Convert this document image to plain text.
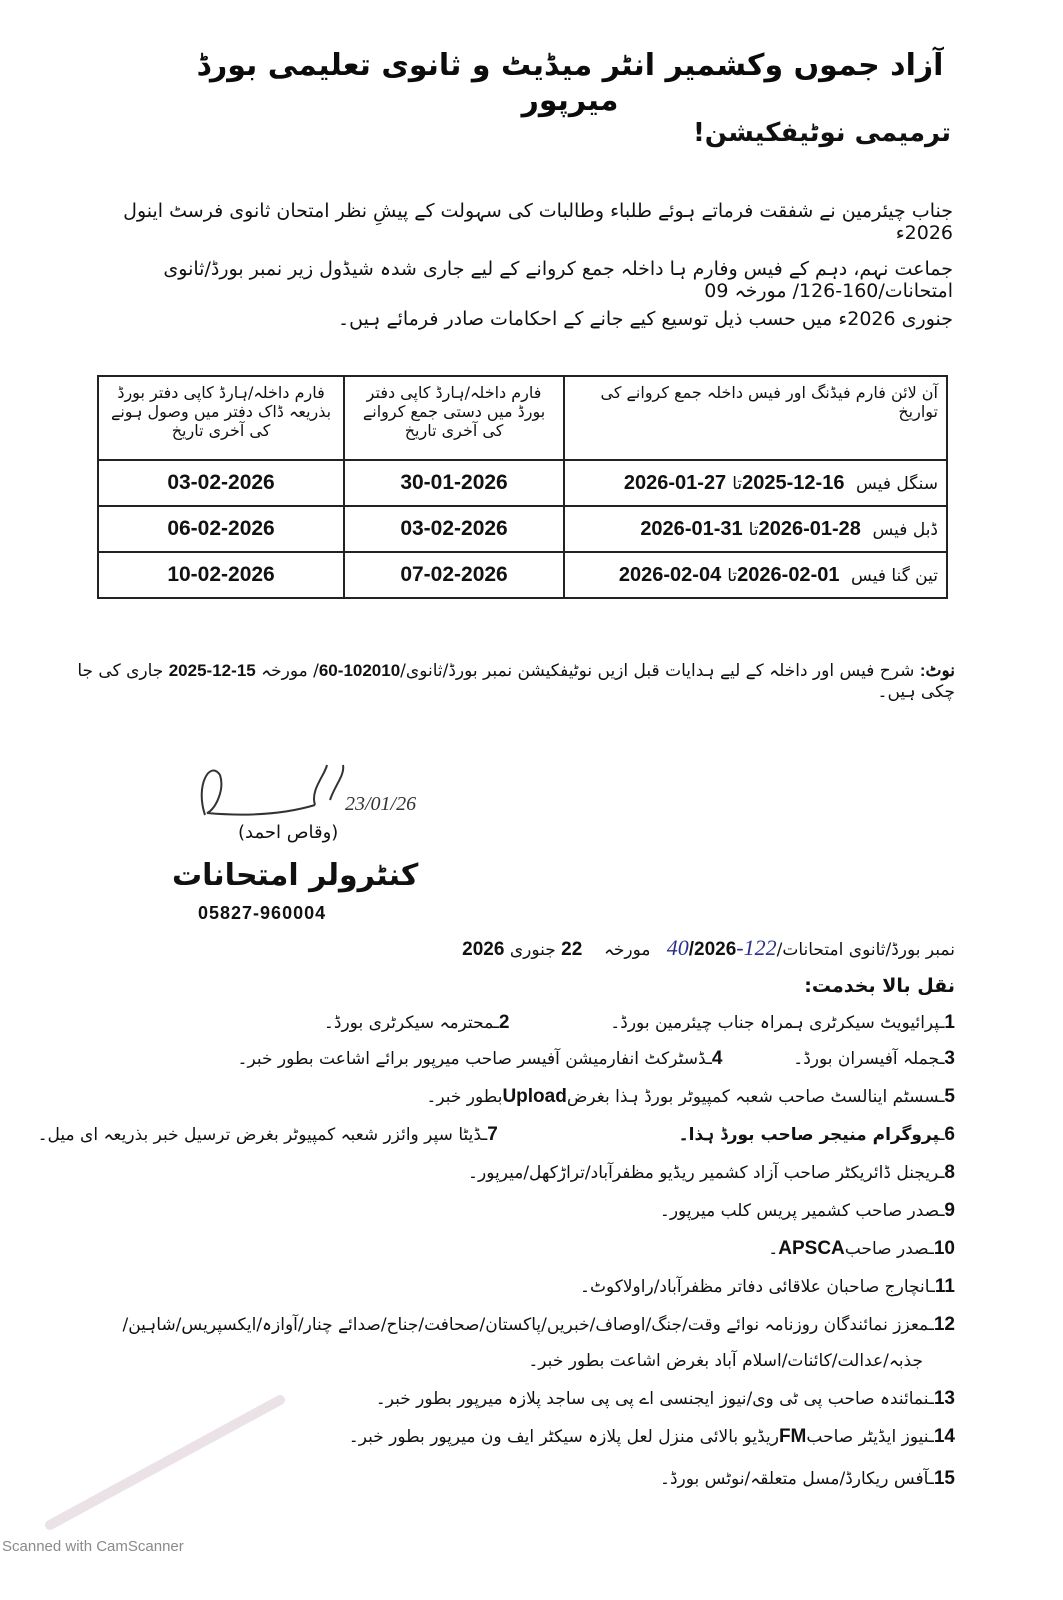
آزاد جموں وکشمیر انٹر میڈیٹ و ثانوی تعلیمی بورڈ میرپور
ترمیمی نوٹیفکیشن!
جناب چیئرمین نے شفقت فرماتے ہوئے طلباء وطالبات کی سہولت کے پیشِ نظر امتحان ثانوی فرسٹ اینول 2026ء
جماعت نہم، دہم کے فیس وفارم ہا داخلہ جمع کروانے کے لیے جاری شدہ شیڈول زیر نمبر بورڈ/ثانوی امتحانات/160-126/ مورخہ 09
جنوری 2026ء میں حسب ذیل توسیع کیے جانے کے احکامات صادر فرمائے ہیں۔
آن لائن فارم فیڈنگ اور فیس داخلہ جمع کروانے کی تواریخ	فارم داخلہ/ہارڈ کاپی دفتر بورڈ میں دستی جمع کروانے کی آخری تاریخ	فارم داخلہ/ہارڈ کاپی دفتر بورڈ بذریعہ ڈاک دفتر میں وصول ہونے کی آخری تاریخ
سنگل فیس 16-12-2025تا27-01-2026	30-01-2026	03-02-2026
ڈبل فیس 28-01-2026تا31-01-2026	03-02-2026	06-02-2026
تین گنا فیس 01-02-2026تا04-02-2026	07-02-2026	10-02-2026
نوٹ: شرح فیس اور داخلہ کے لیے ہدایات قبل ازیں نوٹیفکیشن نمبر بورڈ/ثانوی/102010-60/ مورخہ 15-12-2025 جاری کی جا چکی ہیں۔
23/01/26
(وقاص احمد)
کنٹرولر امتحانات
05827-960004
نمبر بورڈ/ثانوی امتحانات/122-40/2026   مورخہ    22 جنوری 2026
نقل بالا بخدمت:
1ـپرائیویٹ سیکرٹری ہمراہ جناب چیئرمین بورڈ۔  2ـمحترمہ سیکرٹری بورڈ۔
3ـجملہ آفیسران بورڈ۔  4ـڈسٹرکٹ انفارمیشن آفیسر صاحب میرپور برائے اشاعت بطور خبر۔
5ـسسٹم اینالسٹ صاحب شعبہ کمپیوٹر بورڈ ہذا بغرضUploadبطور خبر۔
6ـپروگرام منیجر صاحب بورڈ ہذا۔  7ـڈیٹا سپر وائزر شعبہ کمپیوٹر بغرض ترسیل خبر بذریعہ ای میل۔
8ـریجنل ڈائریکٹر صاحب آزاد کشمیر ریڈیو مظفرآباد/تراڑکھل/میرپور۔
9ـصدر صاحب کشمیر پریس کلب میرپور۔
10ـصدر صاحبAPSCA۔
11ـانچارج صاحبان علاقائی دفاتر مظفرآباد/راولاکوٹ۔
12ـمعزز نمائندگان روزنامہ نوائے وقت/جنگ/اوصاف/خبریں/پاکستان/صحافت/جناح/صدائے چنار/آوازہ/ایکسپریس/شاہین/
جذبہ/عدالت/کائنات/اسلام آباد بغرض اشاعت بطور خبر۔
13ـنمائندہ صاحب پی ٹی وی/نیوز ایجنسی اے پی پی ساجد پلازہ میرپور بطور خبر۔
14ـنیوز ایڈیٹر صاحبFMریڈیو بالائی منزل لعل پلازہ سیکٹر ایف ون میرپور بطور خبر۔
15ـآفس ریکارڈ/مسل متعلقہ/نوٹس بورڈ۔
Scanned with CamScanner
